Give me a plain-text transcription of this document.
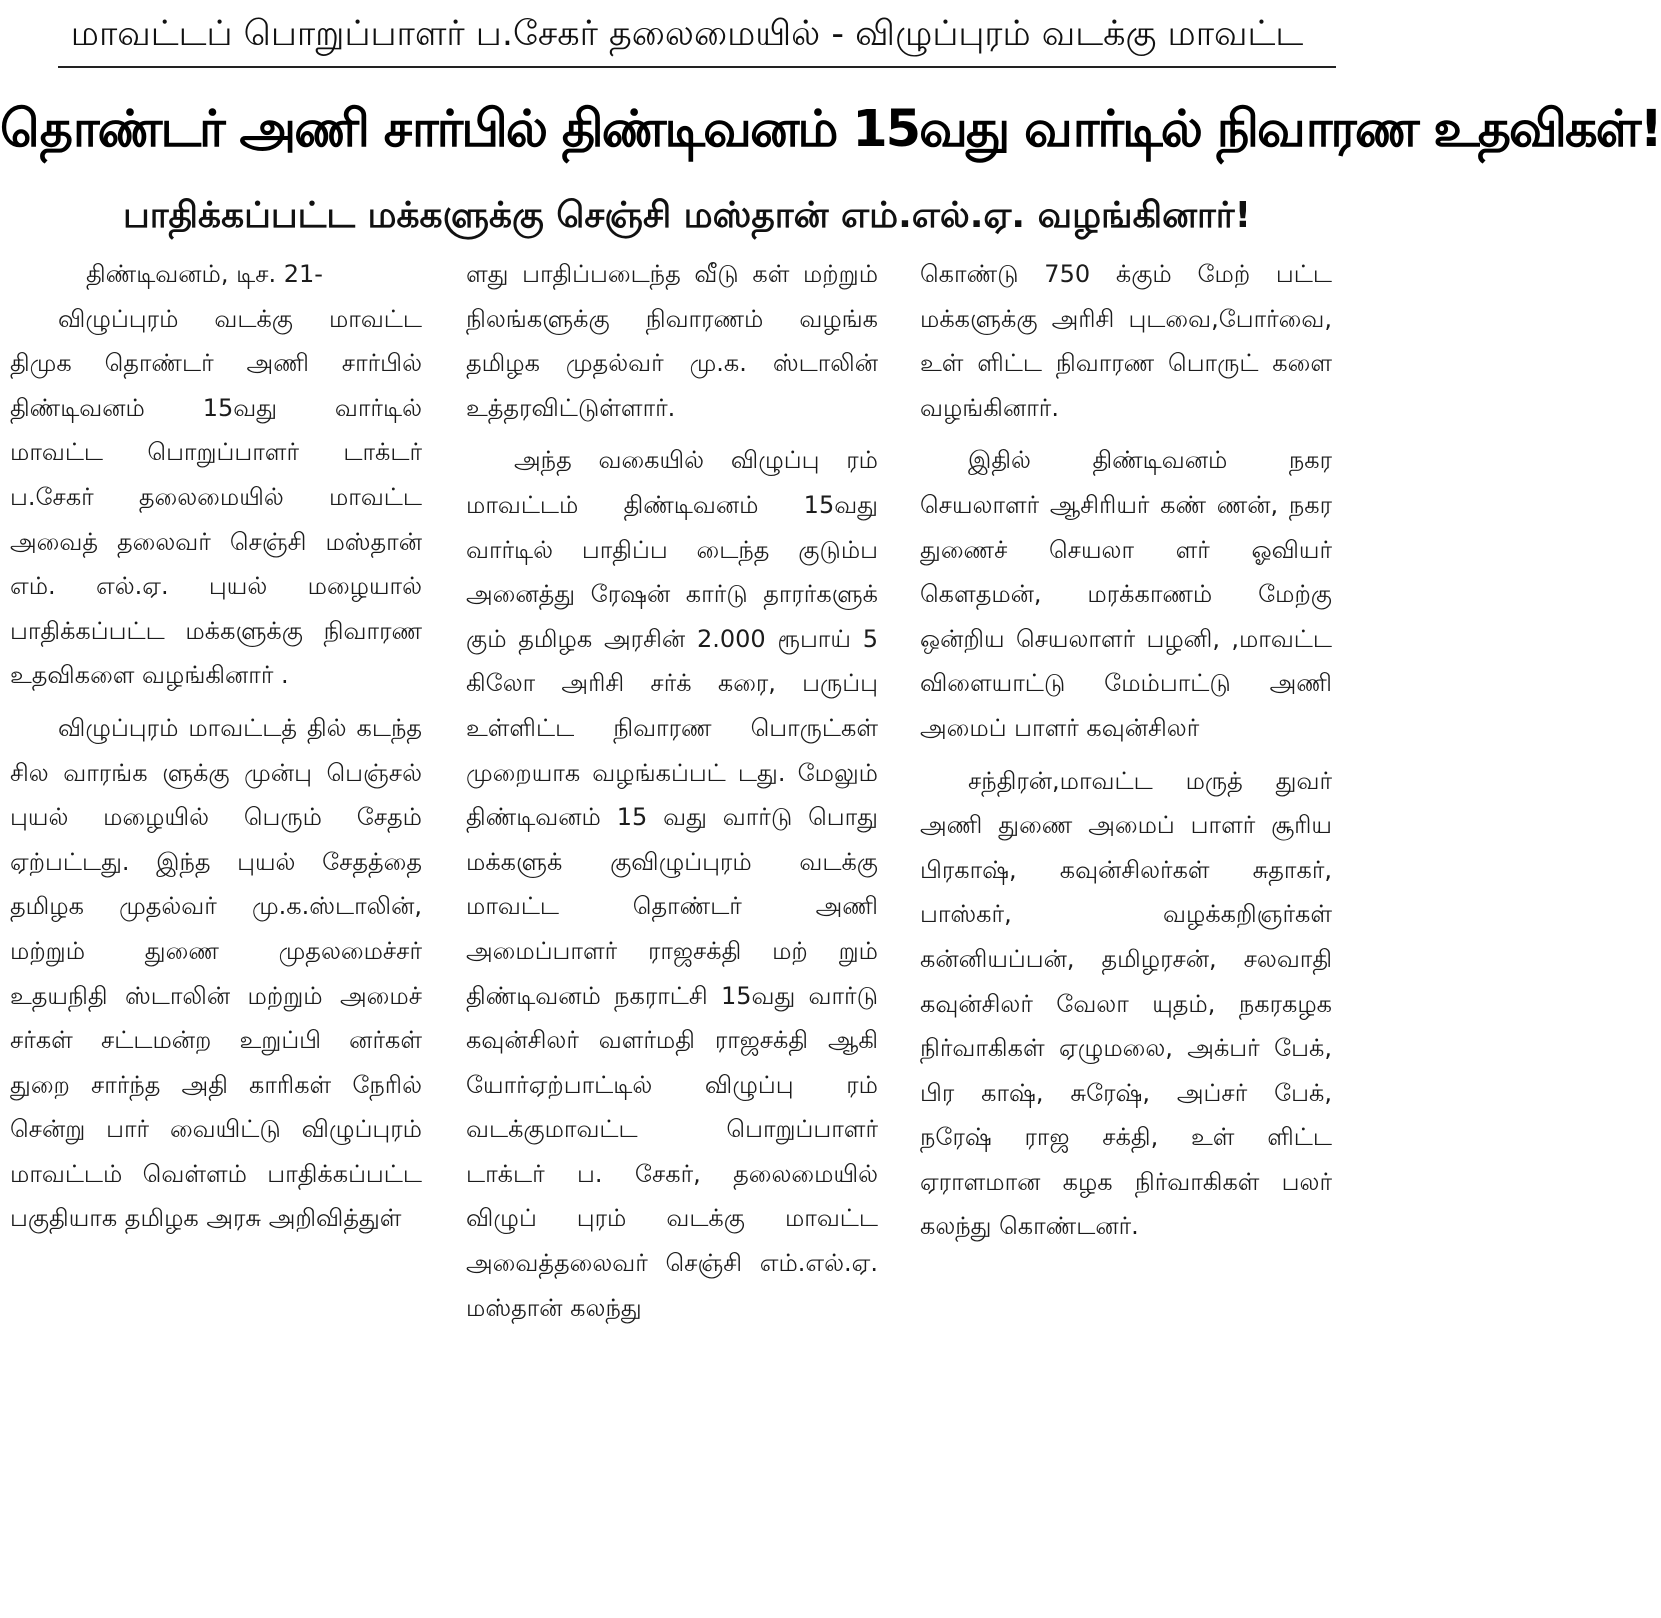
மாவட்டப் பொறுப்பாளர் ப.சேகர் தலைமையில் - விழுப்புரம் வடக்கு மாவட்ட
தொண்டர் அணி சார்பில் திண்டிவனம் 15வது வார்டில் நிவாரண உதவிகள்!
பாதிக்கப்பட்ட மக்களுக்கு செஞ்சி மஸ்தான் எம்.எல்.ஏ. வழங்கினார்!

திண்டிவனம், டிச. 21-

விழுப்புரம் வடக்கு மாவட்ட திமுக தொண்டர் அணி சார்பில் திண்டிவனம் 15வது வார்டில் மாவட்ட பொறுப்பாளர் டாக்டர் ப.சேகர் தலைமையில் மாவட்ட அவைத் தலைவர் செஞ்சி மஸ்தான் எம். எல்.ஏ. புயல் மழையால் பாதிக்கப்பட்ட மக்களுக்கு நிவாரண உதவிகளை வழங்கினார் .

விழுப்புரம் மாவட்டத் தில் கடந்த சில வாரங்க ளுக்கு முன்பு பெஞ்சல் புயல் மழையில் பெரும் சேதம் ஏற்பட்டது. இந்த புயல் சேதத்தை தமிழக முதல்வர் மு.க.ஸ்டாலின், மற்றும் துணை முதலமைச்சர் உதயநிதி ஸ்டாலின் மற்றும் அமைச் சர்கள் சட்டமன்ற உறுப்பி னர்கள் துறை சார்ந்த அதி காரிகள் நேரில் சென்று பார் வையிட்டு விழுப்புரம் மாவட்டம் வெள்ளம் பாதிக்கப்பட்ட பகுதியாக தமிழக அரசு அறிவித்துள்

ளது பாதிப்படைந்த வீடு கள் மற்றும் நிலங்களுக்கு நிவாரணம் வழங்க தமிழக முதல்வர் மு.க. ஸ்டாலின் உத்தரவிட்டுள்ளார்.

அந்த வகையில் விழுப்பு ரம் மாவட்டம் திண்டிவனம் 15வது வார்டில் பாதிப்ப டைந்த குடும்ப அனைத்து ரேஷன் கார்டு தாரர்களுக் கும் தமிழக அரசின் 2.000 ரூபாய் 5 கிலோ அரிசி சர்க் கரை, பருப்பு உள்ளிட்ட நிவாரண பொருட்கள் முறையாக வழங்கப்பட் டது. மேலும் திண்டிவனம் 15 வது வார்டு பொது மக்களுக் குவிழுப்புரம் வடக்கு மாவட்ட தொண்டர் அணி அமைப்பாளர் ராஜசக்தி மற் றும் திண்டிவனம் நகராட்சி 15வது வார்டு கவுன்சிலர் வளர்மதி ராஜசக்தி ஆகி யோர்ஏற்பாட்டில் விழுப்பு ரம் வடக்குமாவட்ட பொறுப்பாளர் டாக்டர் ப. சேகர், தலைமையில் விழுப் புரம் வடக்கு மாவட்ட அவைத்தலைவர் செஞ்சி எம்.எல்.ஏ. மஸ்தான் கலந்து

கொண்டு 750 க்கும் மேற் பட்ட மக்களுக்கு அரிசி புடவை,போர்வை, உள் ளிட்ட நிவாரண பொருட் களை வழங்கினார்.

இதில் திண்டிவனம் நகர செயலாளர் ஆசிரியர் கண் ணன், நகர துணைச் செயலா ளர் ஓவியர் கௌதமன், மரக்காணம் மேற்கு ஒன்றிய செயலாளர் பழனி, ,மாவட்ட விளையாட்டு மேம்பாட்டு அணி அமைப் பாளர் கவுன்சிலர்

சந்திரன்,மாவட்ட மருத் துவர் அணி துணை அமைப் பாளர் சூரிய பிரகாஷ், கவுன்சிலர்கள் சுதாகர், பாஸ்கர், வழக்கறிஞர்கள் கன்னியப்பன், தமிழரசன், சலவாதி கவுன்சிலர் வேலா யுதம், நகரகழக நிர்வாகிகள் ஏழுமலை, அக்பர் பேக், பிர காஷ், சுரேஷ், அப்சர் பேக், நரேஷ் ராஜ சக்தி, உள் ளிட்ட ஏராளமான கழக நிர்வாகிகள் பலர் கலந்து கொண்டனர்.
